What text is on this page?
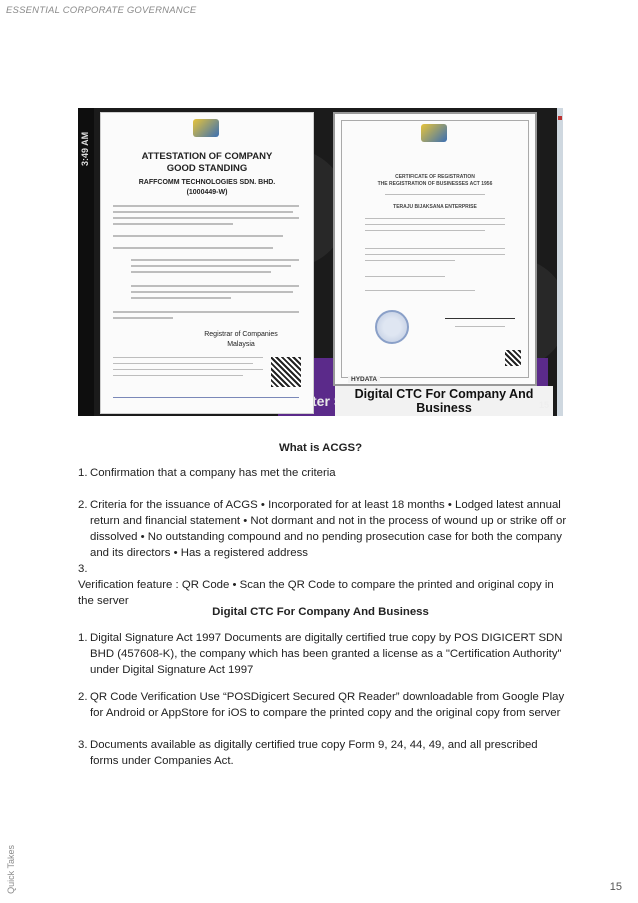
ESSENTIAL CORPORATE GOVERNANCE
Quick Takes	15
3:49 AM	ATTESTATION OF COMPANY
GOOD STANDING
RAFFCOMM TECHNOLOGIES SDN. BHD.
(1000449-W)
Registrar of Companies
Malaysia
CERTIFICATE OF REGISTRATION
THE REGISTRATION OF BUSINESSES ACT 1956
TERAJU BIJAKSANA ENTERPRISE
HYDATA
Digital CTC For Company And Business	15
What is ACGS?
1. Confirmation that a company has met the criteria
2. Criteria for the issuance of ACGS • Incorporated for at least 18 months • Lodged latest annual return and financial statement • Not dormant and not in the process of wound up or strike off or dissolved • No outstanding compound and no pending prosecution case for both the company and its directors • Has a registered address
3.
Verification feature : QR Code • Scan the QR Code to compare the printed and original copy in the server
Digital CTC For Company And Business
1. Digital Signature Act 1997 Documents are digitally certified true copy by POS DIGICERT SDN BHD (457608-K), the company which has been granted a license as a "Certification Authority" under Digital Signature Act 1997
2. QR Code Verification Use “POSDigicert Secured QR Reader” downloadable from Google Play for Android or AppStore for iOS to compare the printed copy and the original copy from server
3. Documents available as digitally certified true copy Form 9, 24, 44, 49, and all prescribed forms under Companies Act.
